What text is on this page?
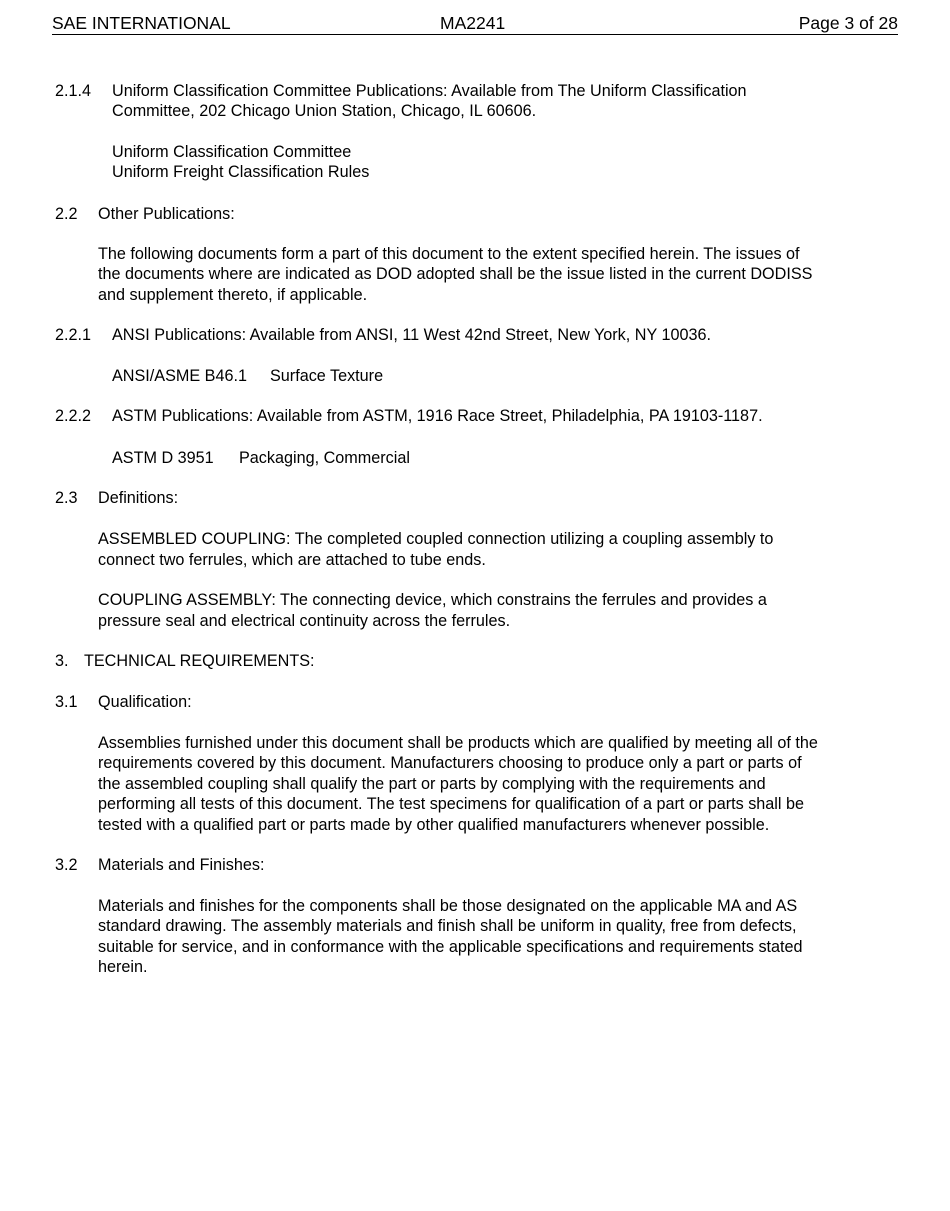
SAE INTERNATIONAL	MA2241	Page 3 of 28
2.1.4 Uniform Classification Committee Publications: Available from The Uniform Classification
Committee, 202 Chicago Union Station, Chicago, IL 60606.
Uniform Classification Committee
Uniform Freight Classification Rules
2.2 Other Publications:
The following documents form a part of this document to the extent specified herein. The issues of
the documents where are indicated as DOD adopted shall be the issue listed in the current DODISS
and supplement thereto, if applicable.
2.2.1 ANSI Publications: Available from ANSI, 11 West 42nd Street, New York, NY 10036.
ANSI/ASME B46.1 Surface Texture
2.2.2 ASTM Publications: Available from ASTM, 1916 Race Street, Philadelphia, PA 19103-1187.
ASTM D 3951 Packaging, Commercial
2.3 Definitions:
ASSEMBLED COUPLING: The completed coupled connection utilizing a coupling assembly to
connect two ferrules, which are attached to tube ends.
COUPLING ASSEMBLY: The connecting device, which constrains the ferrules and provides a
pressure seal and electrical continuity across the ferrules.
3. TECHNICAL REQUIREMENTS:
3.1 Qualification:
Assemblies furnished under this document shall be products which are qualified by meeting all of the
requirements covered by this document. Manufacturers choosing to produce only a part or parts of
the assembled coupling shall qualify the part or parts by complying with the requirements and
performing all tests of this document. The test specimens for qualification of a part or parts shall be
tested with a qualified part or parts made by other qualified manufacturers whenever possible.
3.2 Materials and Finishes:
Materials and finishes for the components shall be those designated on the applicable MA and AS
standard drawing. The assembly materials and finish shall be uniform in quality, free from defects,
suitable for service, and in conformance with the applicable specifications and requirements stated
herein.
